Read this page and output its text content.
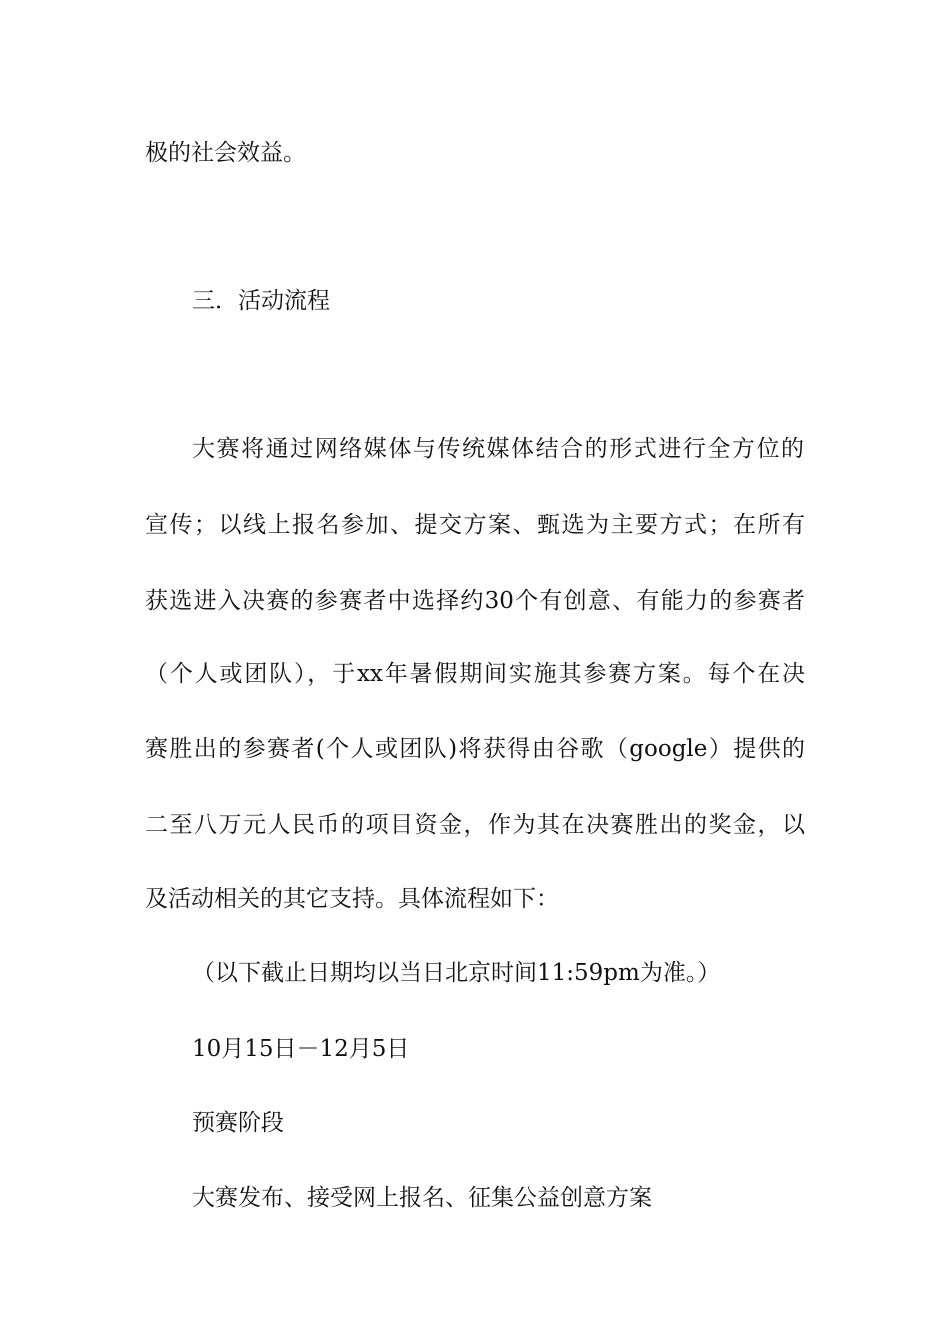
极的社会效益。
三．活动流程
大赛将通过网络媒体与传统媒体结合的形式进行全方位的
宣传；以线上报名参加、提交方案、甄选为主要方式；在所有
获选进入决赛的参赛者中选择约30个有创意、有能力的参赛者
（个人或团队），于xx年暑假期间实施其参赛方案。每个在决
赛胜出的参赛者(个人或团队)将获得由谷歌（google）提供的
二至八万元人民币的项目资金，作为其在决赛胜出的奖金，以
及活动相关的其它支持。具体流程如下：
（以下截止日期均以当日北京时间11:59pm为准。）
10月15日－12月5日
预赛阶段
大赛发布、接受网上报名、征集公益创意方案
